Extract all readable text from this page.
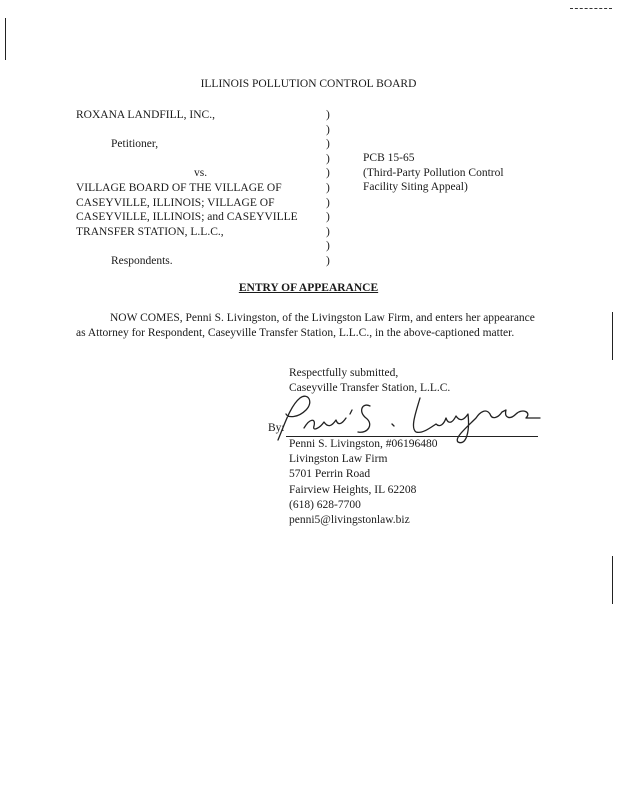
ILLINOIS POLLUTION CONTROL BOARD
ROXANA LANDFILL, INC.,

Petitioner,

vs.
VILLAGE BOARD OF THE VILLAGE OF
CASEYVILLE, ILLINOIS; VILLAGE OF
CASEYVILLE, ILLINOIS; and CASEYVILLE
TRANSFER STATION, L.L.C.,

Respondents.
)
)
)
)
)
)
)
)
)
)
)
PCB 15-65
(Third-Party Pollution Control
Facility Siting Appeal)
ENTRY OF APPEARANCE
NOW COMES, Penni S. Livingston, of the Livingston Law Firm, and enters her appearance as Attorney for Respondent, Caseyville Transfer Station, L.L.C., in the above-captioned matter.
Respectfully submitted,
Caseyville Transfer Station, L.L.C.
By:
Penni S. Livingston, #06196480
Livingston Law Firm
5701 Perrin Road
Fairview Heights, IL 62208
(618) 628-7700
penni5@livingstonlaw.biz
